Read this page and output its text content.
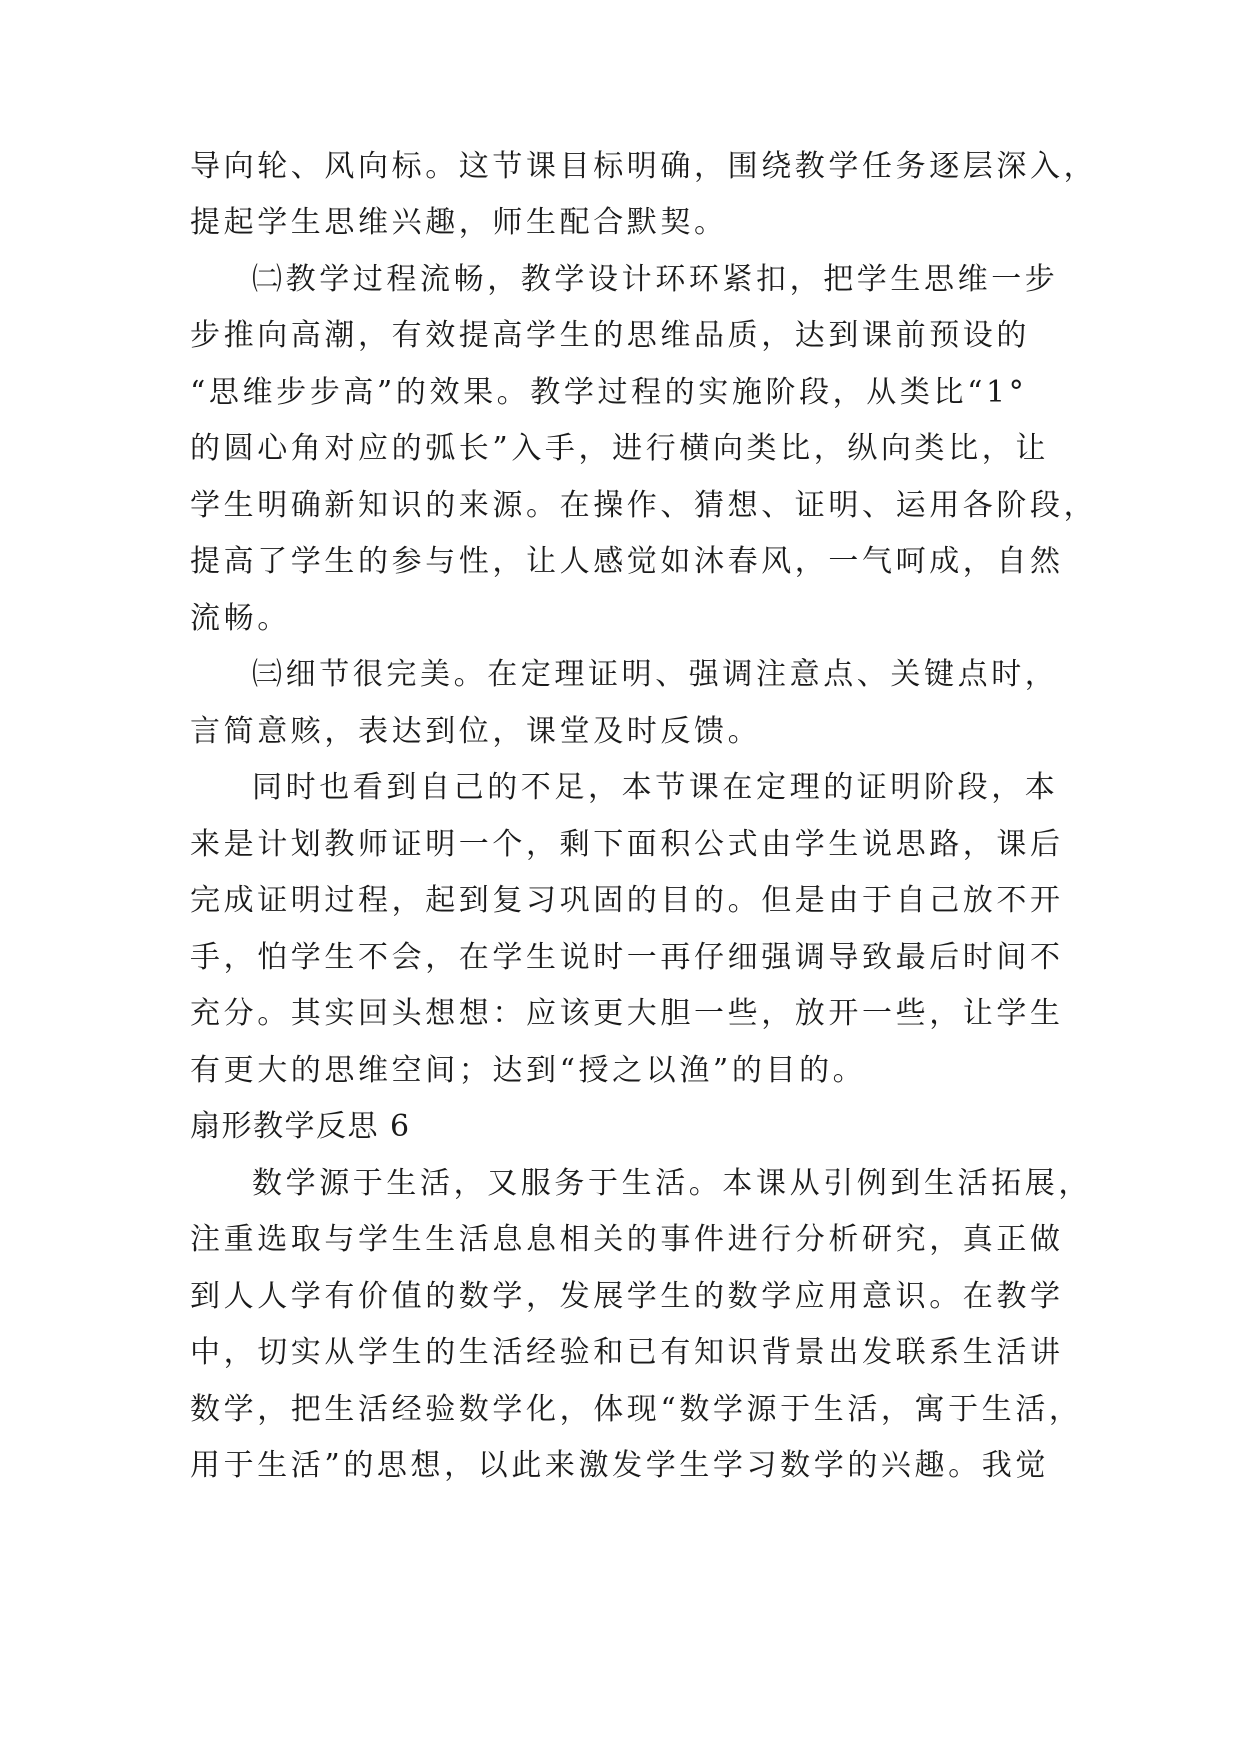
导向轮、风向标。这节课目标明确，围绕教学任务逐层深入，
提起学生思维兴趣，师生配合默契。
㈡教学过程流畅，教学设计环环紧扣，把学生思维一步
步推向高潮，有效提高学生的思维品质，达到课前预设的
“思维步步高”的效果。教学过程的实施阶段，从类比“1°
的圆心角对应的弧长”入手，进行横向类比，纵向类比，让
学生明确新知识的来源。在操作、猜想、证明、运用各阶段，
提高了学生的参与性，让人感觉如沐春风，一气呵成，自然
流畅。
㈢细节很完美。在定理证明、强调注意点、关键点时，
言简意赅，表达到位，课堂及时反馈。
同时也看到自己的不足，本节课在定理的证明阶段，本
来是计划教师证明一个，剩下面积公式由学生说思路，课后
完成证明过程，起到复习巩固的目的。但是由于自己放不开
手，怕学生不会，在学生说时一再仔细强调导致最后时间不
充分。其实回头想想：应该更大胆一些，放开一些，让学生
有更大的思维空间；达到“授之以渔”的目的。
扇形教学反思 6
数学源于生活，又服务于生活。本课从引例到生活拓展，
注重选取与学生生活息息相关的事件进行分析研究，真正做
到人人学有价值的数学，发展学生的数学应用意识。在教学
中，切实从学生的生活经验和已有知识背景出发联系生活讲
数学，把生活经验数学化，体现“数学源于生活，寓于生活，
用于生活”的思想，以此来激发学生学习数学的兴趣。我觉
